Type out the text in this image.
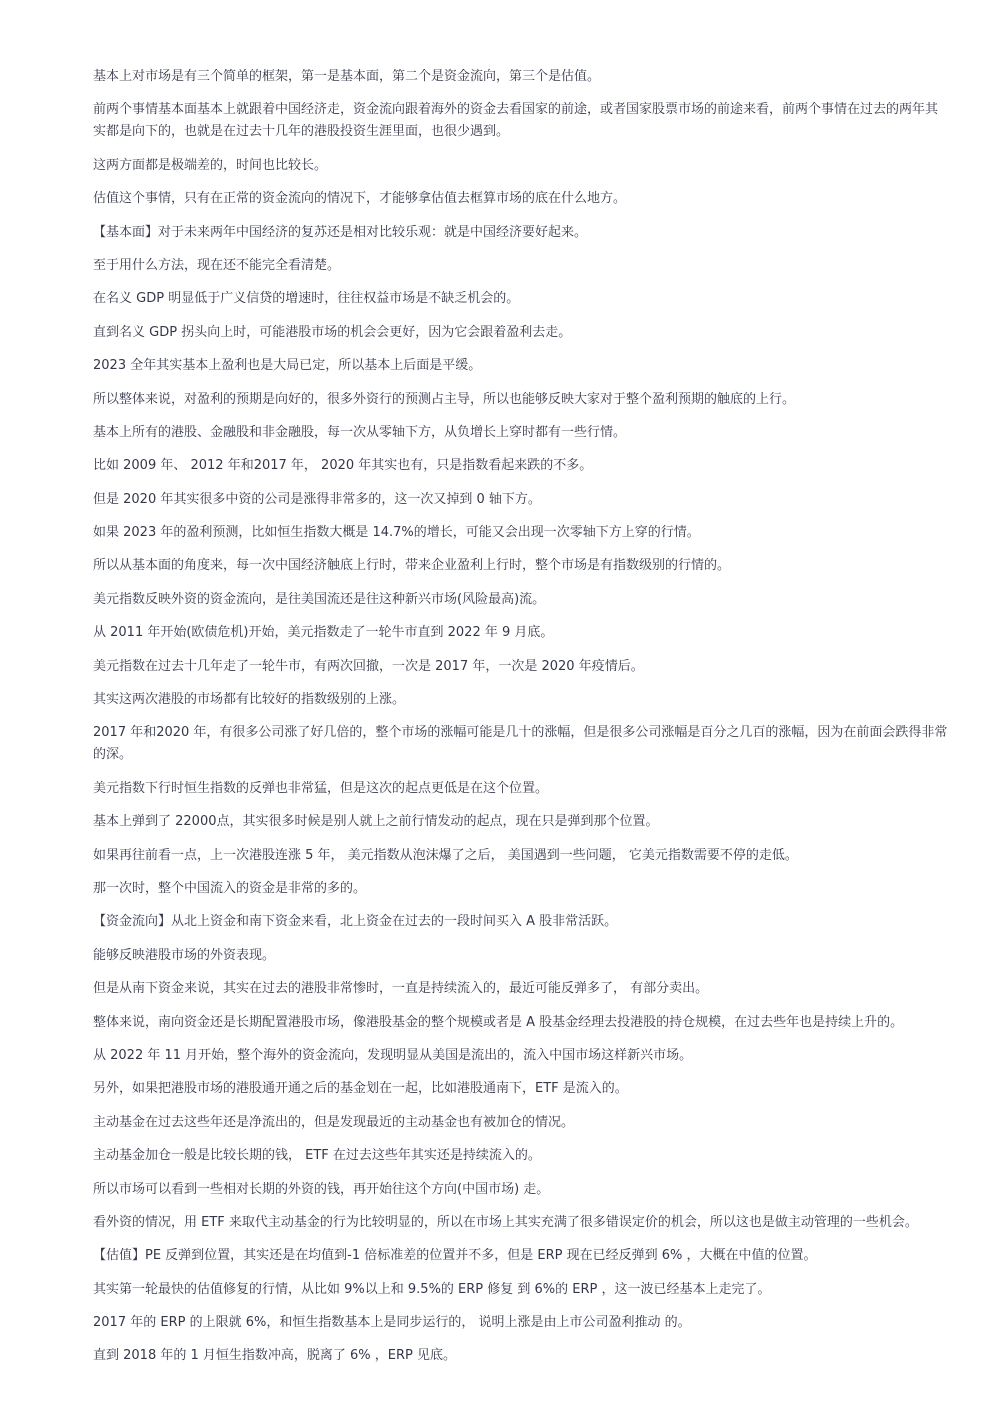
基本上对市场是有三个简单的框架，第一是基本面，第二个是资金流向，第三个是估值。

前两个事情基本面基本上就跟着中国经济走，资金流向跟着海外的资金去看国家的前途，或者国家股票市场的前途来看，前两个事情在过去的两年其实都是向下的，也就是在过去十几年的港股投资生涯里面，也很少遇到。

这两方面都是极端差的，时间也比较长。

估值这个事情，只有在正常的资金流向的情况下，才能够拿估值去框算市场的底在什么地方。

【基本面】对于未来两年中国经济的复苏还是相对比较乐观：就是中国经济要好起来。

至于用什么方法，现在还不能完全看清楚。

在名义 GDP 明显低于广义信贷的增速时，往往权益市场是不缺乏机会的。

直到名义 GDP 拐头向上时，可能港股市场的机会会更好，因为它会跟着盈利去走。

2023 全年其实基本上盈利也是大局已定，所以基本上后面是平缓。

所以整体来说，对盈利的预期是向好的，很多外资行的预测占主导，所以也能够反映大家对于整个盈利预期的触底的上行。

基本上所有的港股、金融股和非金融股，每一次从零轴下方，从负增长上穿时都有一些行情。

比如 2009 年、 2012 年和2017 年， 2020 年其实也有，只是指数看起来跌的不多。

但是 2020 年其实很多中资的公司是涨得非常多的，这一次又掉到 0 轴下方。

如果 2023 年的盈利预测，比如恒生指数大概是 14.7%的增长，可能又会出现一次零轴下方上穿的行情。

所以从基本面的角度来，每一次中国经济触底上行时，带来企业盈利上行时，整个市场是有指数级别的行情的。

美元指数反映外资的资金流向，是往美国流还是往这种新兴市场(风险最高)流。

从 2011 年开始(欧债危机)开始，美元指数走了一轮牛市直到 2022 年 9 月底。

美元指数在过去十几年走了一轮牛市，有两次回撤，一次是 2017 年，一次是 2020 年疫情后。

其实这两次港股的市场都有比较好的指数级别的上涨。

2017 年和2020 年，有很多公司涨了好几倍的，整个市场的涨幅可能是几十的涨幅，但是很多公司涨幅是百分之几百的涨幅，因为在前面会跌得非常的深。

美元指数下行时恒生指数的反弹也非常猛，但是这次的起点更低是在这个位置。

基本上弹到了 22000点，其实很多时候是别人就上之前行情发动的起点，现在只是弹到那个位置。

如果再往前看一点，上一次港股连涨 5 年， 美元指数从泡沫爆了之后， 美国遇到一些问题， 它美元指数需要不停的走低。

那一次时，整个中国流入的资金是非常的多的。

【资金流向】从北上资金和南下资金来看，北上资金在过去的一段时间买入 A 股非常活跃。

能够反映港股市场的外资表现。

但是从南下资金来说，其实在过去的港股非常惨时，一直是持续流入的，最近可能反弹多了， 有部分卖出。

整体来说，南向资金还是长期配置港股市场，像港股基金的整个规模或者是 A 股基金经理去投港股的持仓规模，在过去些年也是持续上升的。

从 2022 年 11 月开始，整个海外的资金流向，发现明显从美国是流出的，流入中国市场这样新兴市场。

另外，如果把港股市场的港股通开通之后的基金划在一起，比如港股通南下，ETF 是流入的。

主动基金在过去这些年还是净流出的，但是发现最近的主动基金也有被加仓的情况。

主动基金加仓一般是比较长期的钱， ETF 在过去这些年其实还是持续流入的。

所以市场可以看到一些相对长期的外资的钱，再开始往这个方向(中国市场) 走。

看外资的情况，用 ETF 来取代主动基金的行为比较明显的，所以在市场上其实充满了很多错误定价的机会，所以这也是做主动管理的一些机会。

【估值】PE 反弹到位置，其实还是在均值到-1 倍标准差的位置并不多，但是 ERP 现在已经反弹到 6% ，大概在中值的位置。

其实第一轮最快的估值修复的行情，从比如 9%以上和 9.5%的 ERP 修复 到 6%的 ERP ，这一波已经基本上走完了。

2017 年的 ERP 的上限就 6%，和恒生指数基本上是同步运行的， 说明上涨是由上市公司盈利推动 的。

直到 2018 年的 1 月恒生指数冲高，脱离了 6% ，ERP 见底。
